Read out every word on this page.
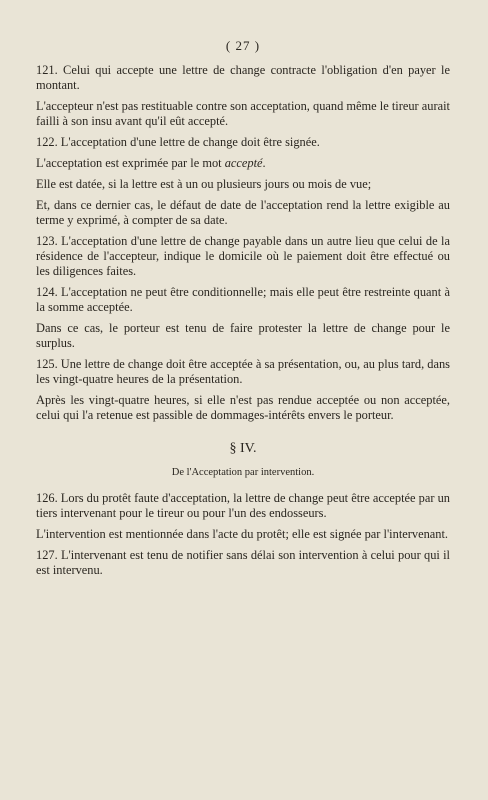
( 27 )

121. Celui qui accepte une lettre de change contracte l'obligation d'en payer le montant.

L'accepteur n'est pas restituable contre son acceptation, quand même le tireur aurait failli à son insu avant qu'il eût accepté.

122. L'acceptation d'une lettre de change doit être signée.

L'acceptation est exprimée par le mot accepté.

Elle est datée, si la lettre est à un ou plusieurs jours ou mois de vue;

Et, dans ce dernier cas, le défaut de date de l'acceptation rend la lettre exigible au terme y exprimé, à compter de sa date.

123. L'acceptation d'une lettre de change payable dans un autre lieu que celui de la résidence de l'accepteur, indique le domicile où le paiement doit être effectué ou les diligences faites.

124. L'acceptation ne peut être conditionnelle; mais elle peut être restreinte quant à la somme acceptée.

Dans ce cas, le porteur est tenu de faire protester la lettre de change pour le surplus.

125. Une lettre de change doit être acceptée à sa présentation, ou, au plus tard, dans les vingt-quatre heures de la présentation.

Après les vingt-quatre heures, si elle n'est pas rendue acceptée ou non acceptée, celui qui l'a retenue est passible de dommages-intérêts envers le porteur.

§ IV.
De l'Acceptation par intervention.

126. Lors du protêt faute d'acceptation, la lettre de change peut être acceptée par un tiers intervenant pour le tireur ou pour l'un des endosseurs.

L'intervention est mentionnée dans l'acte du protêt; elle est signée par l'intervenant.

127. L'intervenant est tenu de notifier sans délai son intervention à celui pour qui il est intervenu.
